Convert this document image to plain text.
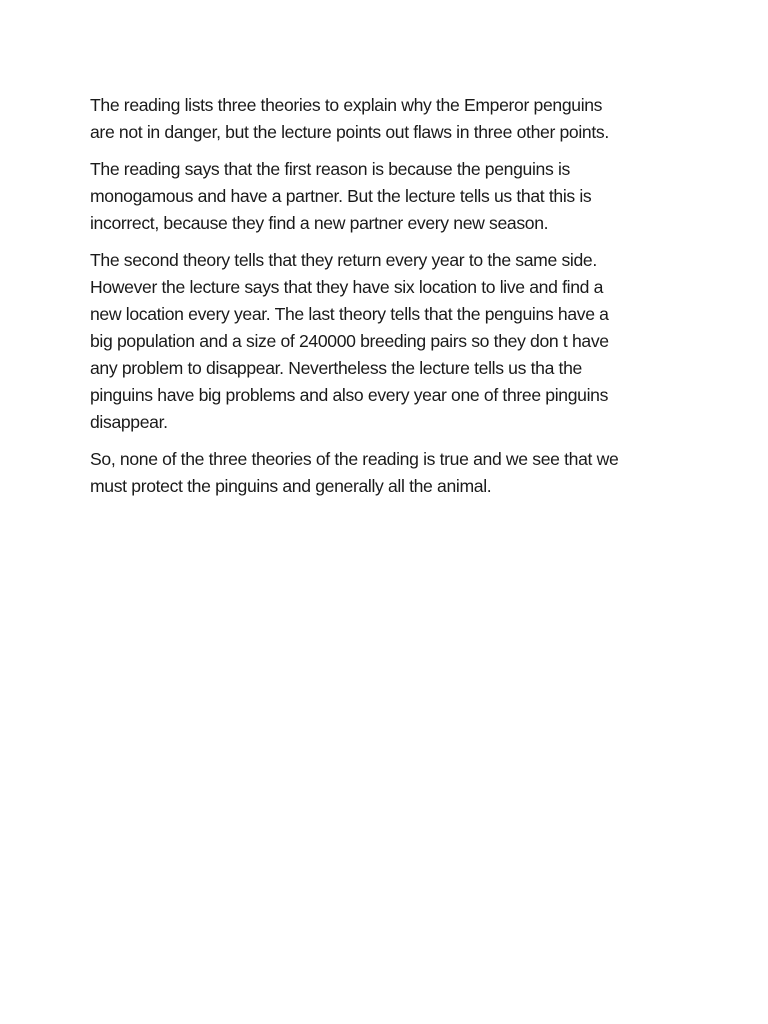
The reading lists three theories to explain why the Emperor penguins
are not in danger, but the lecture points out flaws in three other points.

The reading says that the first reason is because the penguins is
monogamous and have a partner. But the lecture tells us that this is
incorrect, because they find a new partner every new season.

The second theory tells that they return every year to the same side.
However the lecture says that they have six location to live and find a
new location every year. The last theory tells that the penguins have a
big population and a size of 240000 breeding pairs so they don t have
any problem to disappear. Nevertheless the lecture tells us tha the
pinguins have big problems and also every year one of three pinguins
disappear.

So, none of the three theories of the reading is true and we see that we
must protect the pinguins and generally all the animal.
